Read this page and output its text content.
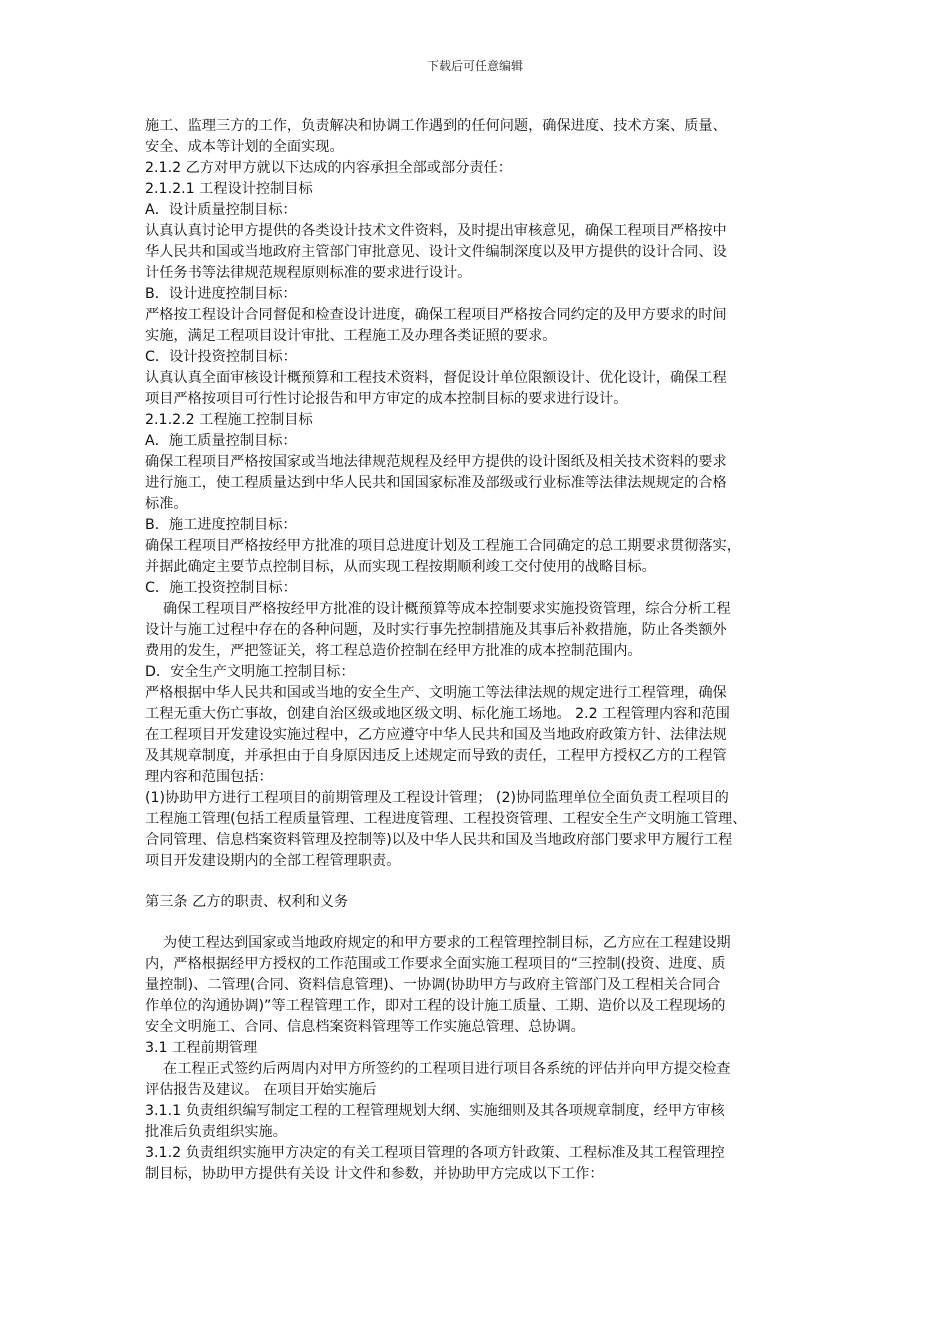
下载后可任意编辑
施工、监理三方的工作，负责解决和协调工作遇到的任何问题，确保进度、技术方案、质量、
安全、成本等计划的全面实现。
2.1.2 乙方对甲方就以下达成的内容承担全部或部分责任：
2.1.2.1 工程设计控制目标
A．设计质量控制目标：
认真认真讨论甲方提供的各类设计技术文件资料，及时提出审核意见，确保工程项目严格按中
华人民共和国或当地政府主管部门审批意见、设计文件编制深度以及甲方提供的设计合同、设
计任务书等法律规范规程原则标准的要求进行设计。
B．设计进度控制目标：
严格按工程设计合同督促和检查设计进度，确保工程项目严格按合同约定的及甲方要求的时间
实施，满足工程项目设计审批、工程施工及办理各类证照的要求。
C．设计投资控制目标：
认真认真全面审核设计概预算和工程技术资料，督促设计单位限额设计、优化设计，确保工程
项目严格按项目可行性讨论报告和甲方审定的成本控制目标的要求进行设计。
2.1.2.2 工程施工控制目标
A．施工质量控制目标：
确保工程项目严格按国家或当地法律规范规程及经甲方提供的设计图纸及相关技术资料的要求
进行施工，使工程质量达到中华人民共和国国家标准及部级或行业标准等法律法规规定的合格
标准。
B．施工进度控制目标：
确保工程项目严格按经甲方批准的项目总进度计划及工程施工合同确定的总工期要求贯彻落实，
并据此确定主要节点控制目标，从而实现工程按期顺利竣工交付使用的战略目标。
C．施工投资控制目标：
确保工程项目严格按经甲方批准的设计概预算等成本控制要求实施投资管理，综合分析工程
设计与施工过程中存在的各种问题，及时实行事先控制措施及其事后补救措施，防止各类额外
费用的发生，严把签证关，将工程总造价控制在经甲方批准的成本控制范围内。
D．安全生产文明施工控制目标：
严格根据中华人民共和国或当地的安全生产、文明施工等法律法规的规定进行工程管理，确保
工程无重大伤亡事故，创建自治区级或地区级文明、标化施工场地。 2.2 工程管理内容和范围
在工程项目开发建设实施过程中，乙方应遵守中华人民共和国及当地政府政策方针、法律法规
及其规章制度，并承担由于自身原因违反上述规定而导致的责任，工程甲方授权乙方的工程管
理内容和范围包括：
(1)协助甲方进行工程项目的前期管理及工程设计管理； (2)协同监理单位全面负责工程项目的
工程施工管理(包括工程质量管理、工程进度管理、工程投资管理、工程安全生产文明施工管理、
合同管理、信息档案资料管理及控制等)以及中华人民共和国及当地政府部门要求甲方履行工程
项目开发建设期内的全部工程管理职责。
第三条 乙方的职责、权利和义务
为使工程达到国家或当地政府规定的和甲方要求的工程管理控制目标，乙方应在工程建设期
内，严格根据经甲方授权的工作范围或工作要求全面实施工程项目的“三控制(投资、进度、质
量控制)、二管理(合同、资料信息管理)、一协调(协助甲方与政府主管部门及工程相关合同合
作单位的沟通协调)”等工程管理工作，即对工程的设计施工质量、工期、造价以及工程现场的
安全文明施工、合同、信息档案资料管理等工作实施总管理、总协调。
3.1 工程前期管理
在工程正式签约后两周内对甲方所签约的工程项目进行项目各系统的评估并向甲方提交检查
评估报告及建议。 在项目开始实施后
3.1.1 负责组织编写制定工程的工程管理规划大纲、实施细则及其各项规章制度，经甲方审核
批准后负责组织实施。
3.1.2 负责组织实施甲方决定的有关工程项目管理的各项方针政策、工程标准及其工程管理控
制目标，协助甲方提供有关设 计文件和参数，并协助甲方完成以下工作：
